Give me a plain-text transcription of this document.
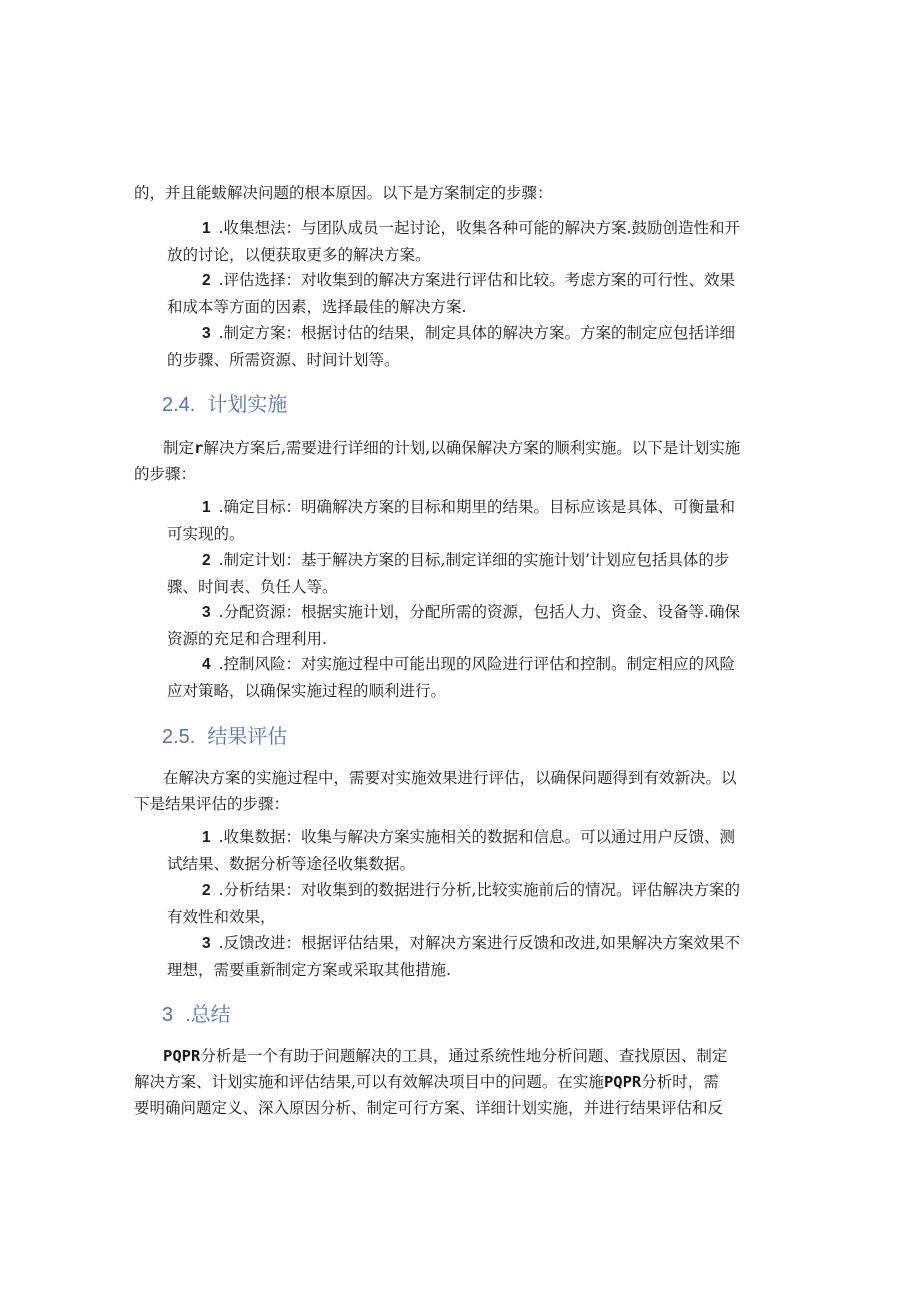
的，并且能蛂解决问题的根本原因。以下是方案制定的步骤：
1 .收集想法：与团队成员一起讨论，收集各种可能的解决方案.鼓励创造性和开
放的讨论，以便获取更多的解决方案。
2 .评估选择：对收集到的解决方案进行评估和比较。考虑方案的可行性、效果
和成本等方面的因素，选择最佳的解决方案.
3 .制定方案：根据讨估的结果，制定具体的解决方案。方案的制定应包括详细
的步骤、所需资源、时间计划等。
2.4. 计划实施
制定r解决方案后,需要进行详细的计划,以确保解决方案的顺利实施。以下是计划实施
的步骤：
1 .确定目标：明确解决方案的目标和期里的结果。目标应该是具体、可衡量和
可实现的。
2 .制定计划：基于解决方案的目标,制定详细的实施计划’计划应包括具体的步
骤、时间表、负任人等。
3 .分配资源：根据实施计划，分配所需的资源，包括人力、资金、设备等.确保
资源的充足和合理利用.
4 .控制风险：对实施过程中可能出现的风险进行评估和控制。制定相应的风险
应对策略，以确保实施过程的顺利进行。
2.5. 结果评估
在解决方案的实施过程中，需要对实施效果进行评估，以确保问题得到有效新决。以
下是结果评估的步骤：
1 .收集数据：收集与解决方案实施相关的数据和信息。可以通过用户反馈、测
试结果、数据分析等途径收集数据。
2 .分析结果：对收集到的数据进行分析,比较实施前后的情况。评估解决方案的
有效性和效果，
3 .反馈改进：根据评估结果，对解决方案进行反馈和改进,如果解决方案效果不
理想，需要重新制定方案或采取其他措施.
3 .总结
PQPR分析是一个有助于问题解决的工具，通过系统性地分析问题、查找原因、制定
解决方案、计划实施和评估结果,可以有效解决项目中的问题。在实施PQPR分析时，需
要明确问题定义、深入原因分析、制定可行方案、详细计划实施，并进行结果评估和反
